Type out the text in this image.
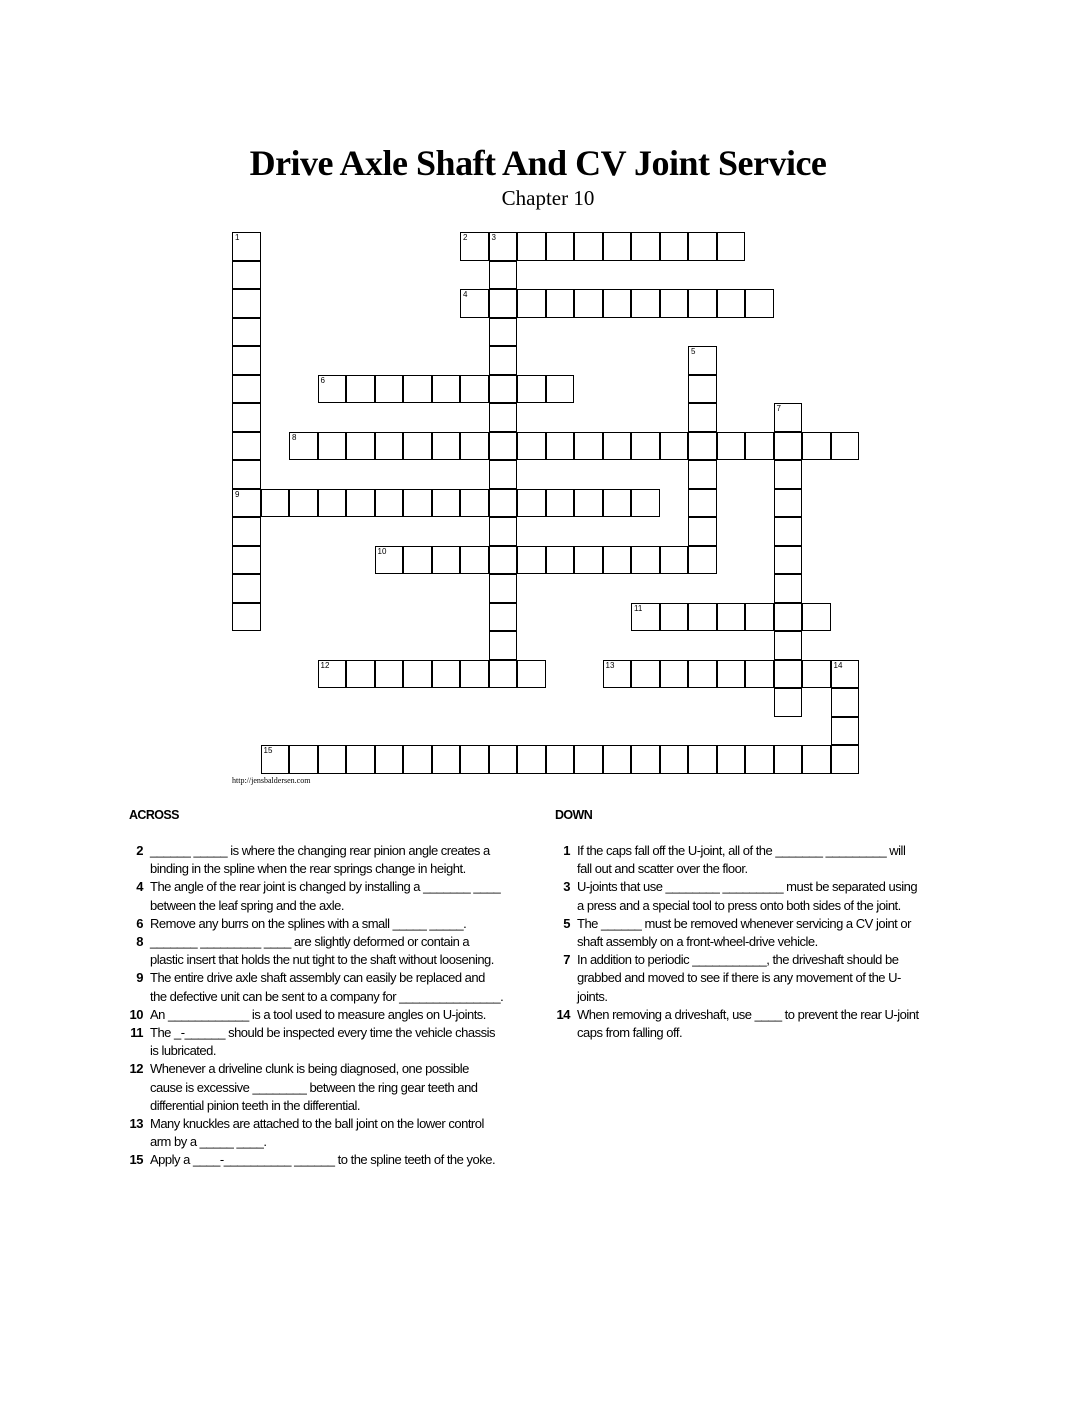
Drive Axle Shaft And CV Joint Service
Chapter 10
1
9
2	3
4
5
6
7
8
10
11
12	13	14
15
http://jensbaldersen.com
ACROSS	DOWN
2 ______ _____ is where the changing rear pinion angle creates a binding in the spline when the rear springs change in height.
4 The angle of the rear joint is changed by installing a _______ ____ between the leaf spring and the axle.
6 Remove any burrs on the splines with a small _____ _____.
8 _______ _________ ____ are slightly deformed or contain a plastic insert that holds the nut tight to the shaft without loosening.
9 The entire drive axle shaft assembly can easily be replaced and the defective unit can be sent to a company for _______________.
10 An ____________ is a tool used to measure angles on U-joints.
11 The _-______ should be inspected every time the vehicle chassis is lubricated.
12 Whenever a driveline clunk is being diagnosed, one possible cause is excessive ________ between the ring gear teeth and differential pinion teeth in the differential.
13 Many knuckles are attached to the ball joint on the lower control arm by a _____ ____.
15 Apply a ____-__________ ______ to the spline teeth of the yoke.
1 If the caps fall off the U-joint, all of the _______ _________ will fall out and scatter over the floor.
3 U-joints that use ________ _________ must be separated using a press and a special tool to press onto both sides of the joint.
5 The ______ must be removed whenever servicing a CV joint or shaft assembly on a front-wheel-drive vehicle.
7 In addition to periodic ___________, the driveshaft should be grabbed and moved to see if there is any movement of the U-joints.
14 When removing a driveshaft, use ____ to prevent the rear U-joint caps from falling off.
